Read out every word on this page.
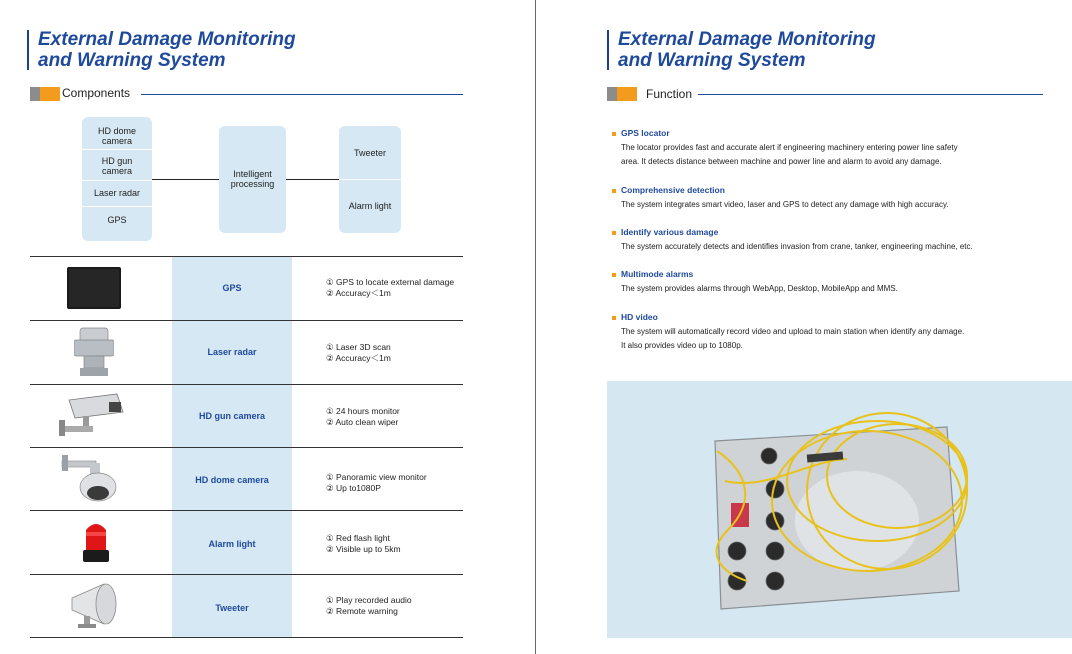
External Damage Monitoring
and Warning System
Components
HD dome
camera
HD gun
camera
Laser radar
GPS
Intelligent
processing
Tweeter
Alarm light
GPS
① GPS to locate external damage
② Accuracy＜1m
Laser radar	① Laser 3D scan
② Accuracy＜1m
HD gun camera	① 24 hours monitor
② Auto clean wiper
HD dome camera	① Panoramic view monitor
② Up to1080P
Alarm light
① Red flash light
② Visible up to 5km
Tweeter
① Play recorded audio
② Remote warning
External Damage Monitoring
and Warning System
Function
GPS locator
The locator provides fast and accurate alert if engineering machinery entering power line safety
area. It detects distance between machine and power line and alarm to avoid any damage.
Comprehensive detection
The system integrates smart video, laser and GPS to detect any damage with high accuracy.
Identify various damage
The system accurately detects and identifies invasion from crane, tanker, engineering machine, etc.
Multimode alarms
The system provides alarms through WebApp, Desktop, MobileApp and MMS.
HD video
The system will automatically record video and upload to main station when identify any damage.
It also provides video up to 1080p.
